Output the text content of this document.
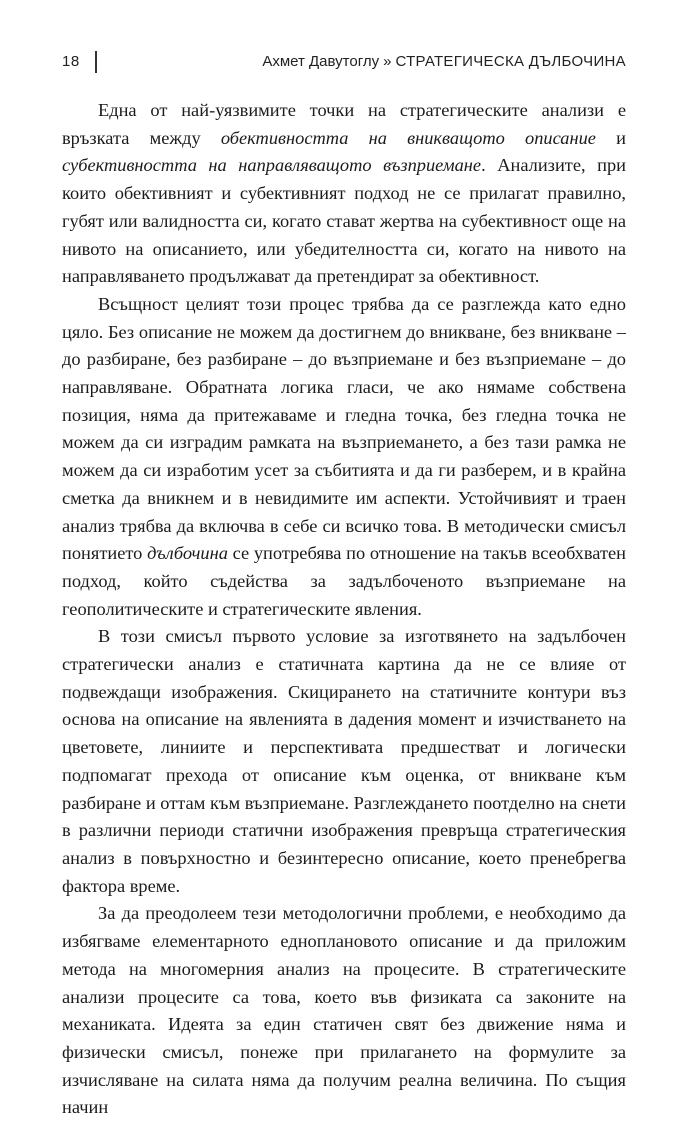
18	Ахмет Давутоглу » СТРАТЕГИЧЕСКА ДЪЛБОЧИНА

Една от най-уязвимите точки на стратегическите анализи е връзката между обективността на вникващото описание и субективността на направляващото възприемане. Анализите, при които обективният и субективният подход не се прилагат правилно, губят или валидността си, когато стават жертва на субективност още на нивото на описанието, или убедителността си, когато на нивото на направляването продължават да претендират за обективност.

Всъщност целият този процес трябва да се разглежда като едно цяло. Без описание не можем да достигнем до вникване, без вникване – до разбиране, без разбиране – до възприемане и без възприемане – до направляване. Обратната логика гласи, че ако нямаме собствена позиция, няма да притежаваме и гледна точка, без гледна точка не можем да си изградим рамката на възприемането, а без тази рамка не можем да си изработим усет за събитията и да ги разберем, и в крайна сметка да вникнем и в невидимите им аспекти. Устойчивият и траен анализ трябва да включва в себе си всичко това. В методически смисъл понятието дълбочина се употребява по отношение на такъв всеобхватен подход, който съдейства за задълбоченото възприемане на геополитическите и стратегическите явления.

В този смисъл първото условие за изготвянето на задълбочен стратегически анализ е статичната картина да не се влияе от подвеждащи изображения. Скицирането на статичните контури въз основа на описание на явленията в дадения момент и изчистването на цветовете, линиите и перспективата предшестват и логически подпомагат прехода от описание към оценка, от вникване към разбиране и оттам към възприемане. Разглеждането поотделно на снети в различни периоди статични изображения превръща стратегическия анализ в повърхностно и безинтересно описание, което пренебрегва фактора време.

За да преодолеем тези методологични проблеми, е необходимо да избягваме елементарното едноплановото описание и да приложим метода на многомерния анализ на процесите. В стратегическите анализи процесите са това, което във физиката са законите на механиката. Идеята за един статичен свят без движение няма и физически смисъл, понеже при прилагането на формулите за изчисляване на силата няма да получим реална величина. По същия начин
